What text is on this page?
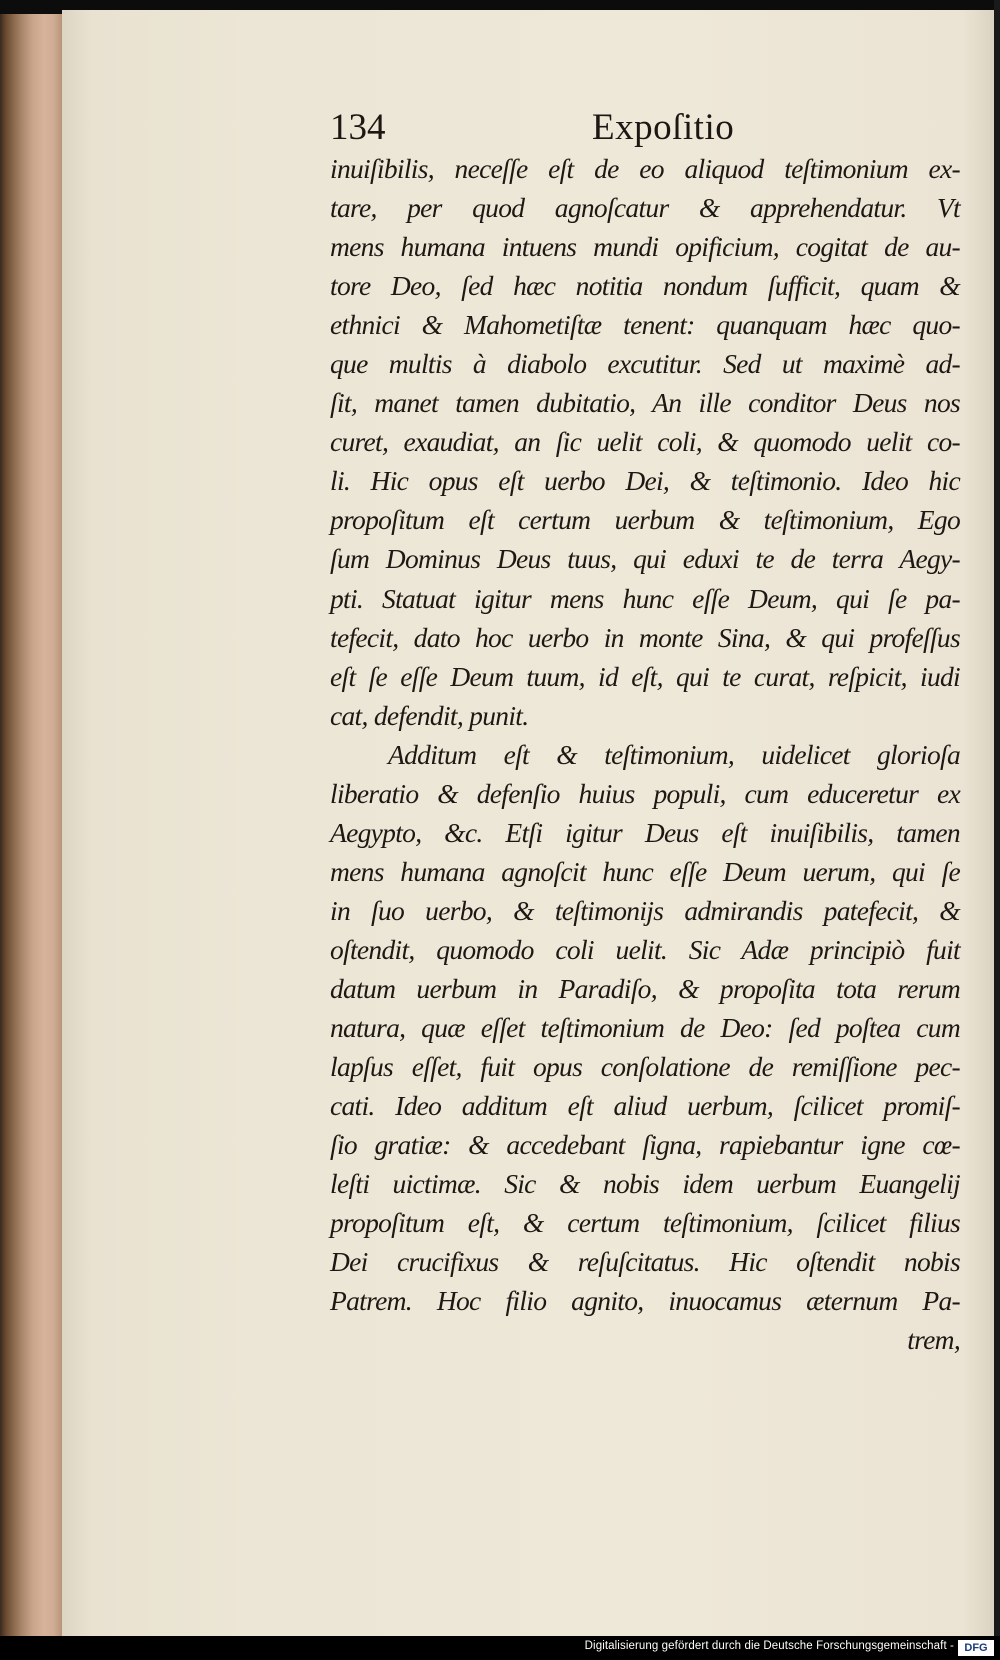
134	Expoſitio
inuiſibilis, neceſſe eſt de eo aliquod teſtimonium ex-
tare, per quod agnoſcatur & apprehendatur. Vt
mens humana intuens mundi opificium, cogitat de au-
tore Deo, ſed hæc notitia nondum ſufficit, quam &
ethnici & Mahometiſtæ tenent: quanquam hæc quo-
que multis à diabolo excutitur. Sed ut maximè ad-
ſit, manet tamen dubitatio, An ille conditor Deus nos
curet, exaudiat, an ſic uelit coli, & quomodo uelit co-
li. Hic opus eſt uerbo Dei, & teſtimonio. Ideo hic
propoſitum eſt certum uerbum & teſtimonium, Ego
ſum Dominus Deus tuus, qui eduxi te de terra Aegy-
pti. Statuat igitur mens hunc eſſe Deum, qui ſe pa-
tefecit, dato hoc uerbo in monte Sina, & qui profeſſus
eſt ſe eſſe Deum tuum, id eſt, qui te curat, reſpicit, iudi
cat, defendit, punit.
Additum eſt & teſtimonium, uidelicet glorioſa
liberatio & defenſio huius populi, cum educeretur ex
Aegypto, &c. Etſi igitur Deus eſt inuiſibilis, tamen
mens humana agnoſcit hunc eſſe Deum uerum, qui ſe
in ſuo uerbo, & teſtimonijs admirandis patefecit, &
oſtendit, quomodo coli uelit. Sic Adæ principiò fuit
datum uerbum in Paradiſo, & propoſita tota rerum
natura, quæ eſſet teſtimonium de Deo: ſed poſtea cum
lapſus eſſet, fuit opus conſolatione de remiſſione pec-
cati. Ideo additum eſt aliud uerbum, ſcilicet promiſ-
ſio gratiæ: & accedebant ſigna, rapiebantur igne cœ-
leſti uictimæ. Sic & nobis idem uerbum Euangelij
propoſitum eſt, & certum teſtimonium, ſcilicet filius
Dei crucifixus & reſuſcitatus. Hic oſtendit nobis
Patrem. Hoc filio agnito, inuocamus æternum Pa-
trem,
Digitalisierung gefördert durch die Deutsche Forschungsgemeinschaft - DFG
